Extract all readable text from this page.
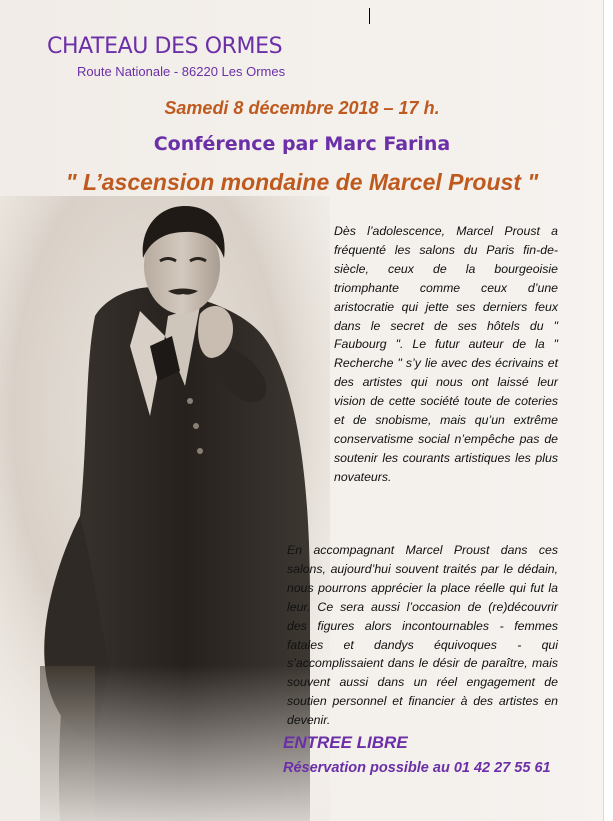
CHATEAU DES ORMES
Route Nationale - 86220 Les Ormes
Samedi 8 décembre 2018 – 17 h.
Conférence par Marc Farina
" L’ascension mondaine de Marcel Proust "
Dès l’adolescence, Marcel Proust a fréquenté les salons du Paris fin-de-siècle, ceux de la bourgeoisie triomphante comme ceux d’une aristocratie qui jette ses derniers feux dans le secret de ses hôtels du " Faubourg ". Le futur auteur de la " Recherche " s’y lie avec des écrivains et des artistes qui nous ont laissé leur vision de cette société toute de coteries et de snobisme, mais qu’un extrême conservatisme social n’empêche pas de soutenir les courants artistiques les plus novateurs.
En accompagnant Marcel Proust dans ces salons, aujourd’hui souvent traités par le dédain, nous pourrons apprécier la place réelle qui fut la leur. Ce sera aussi l’occasion de (re)découvrir des figures alors incontournables - femmes fatales et dandys équivoques - qui s’accomplissaient dans le désir de paraître, mais souvent aussi dans un réel engagement de soutien personnel et financier à des artistes en devenir.
ENTREE LIBRE
Réservation possible au 01 42 27 55 61
